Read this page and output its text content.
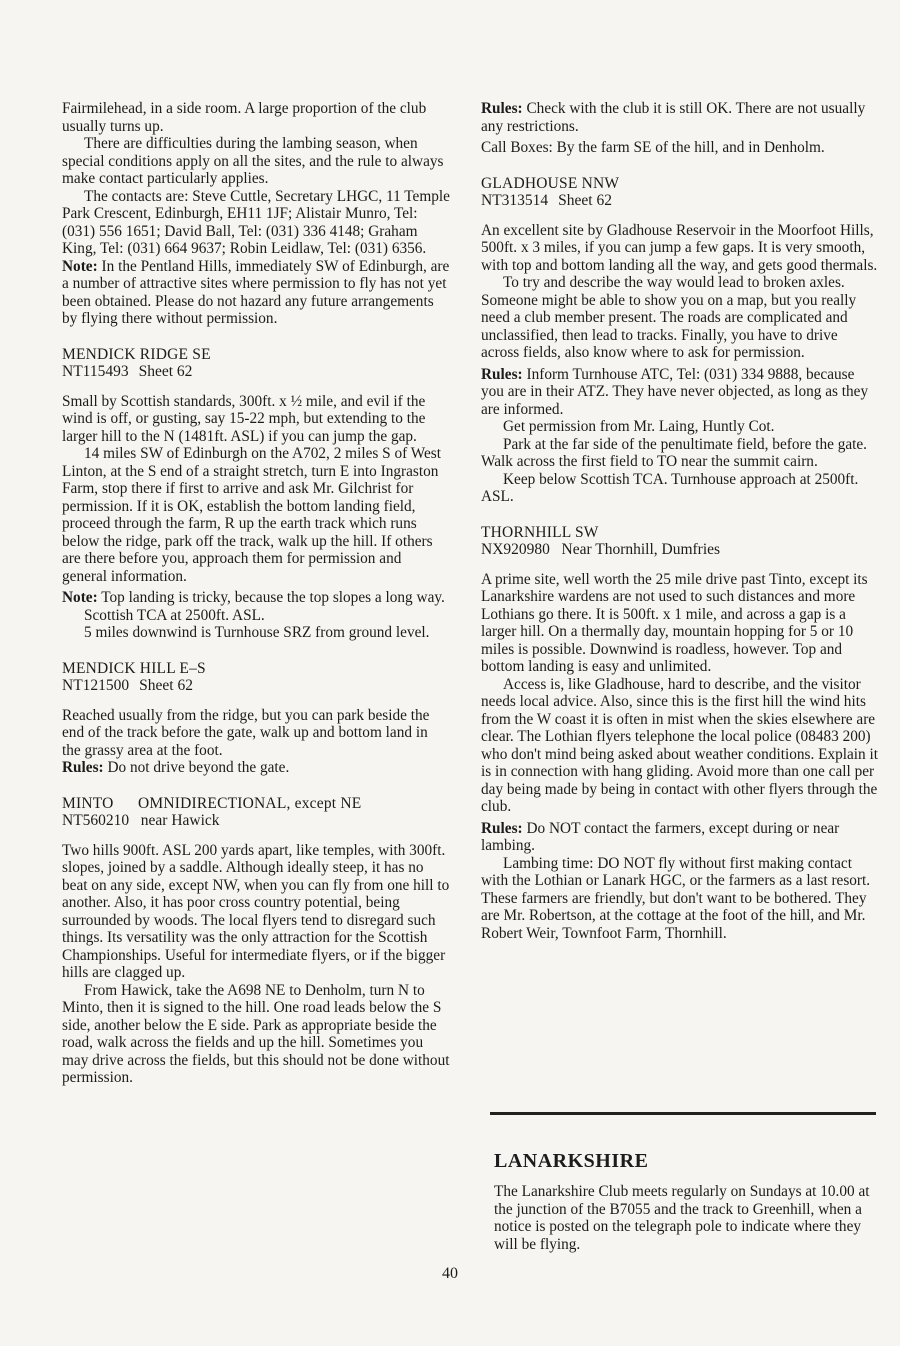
Fairmilehead, in a side room. A large proportion of the club usually turns up.

There are difficulties during the lambing season, when special conditions apply on all the sites, and the rule to always make contact particularly applies.

The contacts are: Steve Cuttle, Secretary LHGC, 11 Temple Park Crescent, Edinburgh, EH11 1JF; Alistair Munro, Tel: (031) 556 1651; David Ball, Tel: (031) 336 4148; Graham King, Tel: (031) 664 9637; Robin Leidlaw, Tel: (031) 6356.

Note: In the Pentland Hills, immediately SW of Edinburgh, are a number of attractive sites where permission to fly has not yet been obtained. Please do not hazard any future arrangements by flying there without permission.

MENDICK RIDGE SE
NT115493 Sheet 62

Small by Scottish standards, 300ft. x ½ mile, and evil if the wind is off, or gusting, say 15-22 mph, but extending to the larger hill to the N (1481ft. ASL) if you can jump the gap.

14 miles SW of Edinburgh on the A702, 2 miles S of West Linton, at the S end of a straight stretch, turn E into Ingraston Farm, stop there if first to arrive and ask Mr. Gilchrist for permission. If it is OK, establish the bottom landing field, proceed through the farm, R up the earth track which runs below the ridge, park off the track, walk up the hill. If others are there before you, approach them for permission and general information.

Note: Top landing is tricky, because the top slopes a long way.

Scottish TCA at 2500ft. ASL.

5 miles downwind is Turnhouse SRZ from ground level.

MENDICK HILL E–S
NT121500 Sheet 62

Reached usually from the ridge, but you can park beside the end of the track before the gate, walk up and bottom land in the grassy area at the foot.

Rules: Do not drive beyond the gate.

MINTO OMNIDIRECTIONAL, except NE
NT560210 near Hawick

Two hills 900ft. ASL 200 yards apart, like temples, with 300ft. slopes, joined by a saddle. Although ideally steep, it has no beat on any side, except NW, when you can fly from one hill to another. Also, it has poor cross country potential, being surrounded by woods. The local flyers tend to disregard such things. Its versatility was the only attraction for the Scottish Championships. Useful for intermediate flyers, or if the bigger hills are clagged up.

From Hawick, take the A698 NE to Denholm, turn N to Minto, then it is signed to the hill. One road leads below the S side, another below the E side. Park as appropriate beside the road, walk across the fields and up the hill. Sometimes you may drive across the fields, but this should not be done without permission.

Rules: Check with the club it is still OK. There are not usually any restrictions.

Call Boxes: By the farm SE of the hill, and in Denholm.

GLADHOUSE NNW
NT313514 Sheet 62

An excellent site by Gladhouse Reservoir in the Moorfoot Hills, 500ft. x 3 miles, if you can jump a few gaps. It is very smooth, with top and bottom landing all the way, and gets good thermals.

To try and describe the way would lead to broken axles. Someone might be able to show you on a map, but you really need a club member present. The roads are complicated and unclassified, then lead to tracks. Finally, you have to drive across fields, also know where to ask for permission.

Rules: Inform Turnhouse ATC, Tel: (031) 334 9888, because you are in their ATZ. They have never objected, as long as they are informed.

Get permission from Mr. Laing, Huntly Cot.

Park at the far side of the penultimate field, before the gate. Walk across the first field to TO near the summit cairn.

Keep below Scottish TCA. Turnhouse approach at 2500ft. ASL.

THORNHILL SW
NX920980 Near Thornhill, Dumfries

A prime site, well worth the 25 mile drive past Tinto, except its Lanarkshire wardens are not used to such distances and more Lothians go there. It is 500ft. x 1 mile, and across a gap is a larger hill. On a thermally day, mountain hopping for 5 or 10 miles is possible. Downwind is roadless, however. Top and bottom landing is easy and unlimited.

Access is, like Gladhouse, hard to describe, and the visitor needs local advice. Also, since this is the first hill the wind hits from the W coast it is often in mist when the skies elsewhere are clear. The Lothian flyers telephone the local police (08483 200) who don't mind being asked about weather conditions. Explain it is in connection with hang gliding. Avoid more than one call per day being made by being in contact with other flyers through the club.

Rules: Do NOT contact the farmers, except during or near lambing.

Lambing time: DO NOT fly without first making contact with the Lothian or Lanark HGC, or the farmers as a last resort. These farmers are friendly, but don't want to be bothered. They are Mr. Robertson, at the cottage at the foot of the hill, and Mr. Robert Weir, Townfoot Farm, Thornhill.

LANARKSHIRE

The Lanarkshire Club meets regularly on Sundays at 10.00 at the junction of the B7055 and the track to Greenhill, when a notice is posted on the telegraph pole to indicate where they will be flying.

40
